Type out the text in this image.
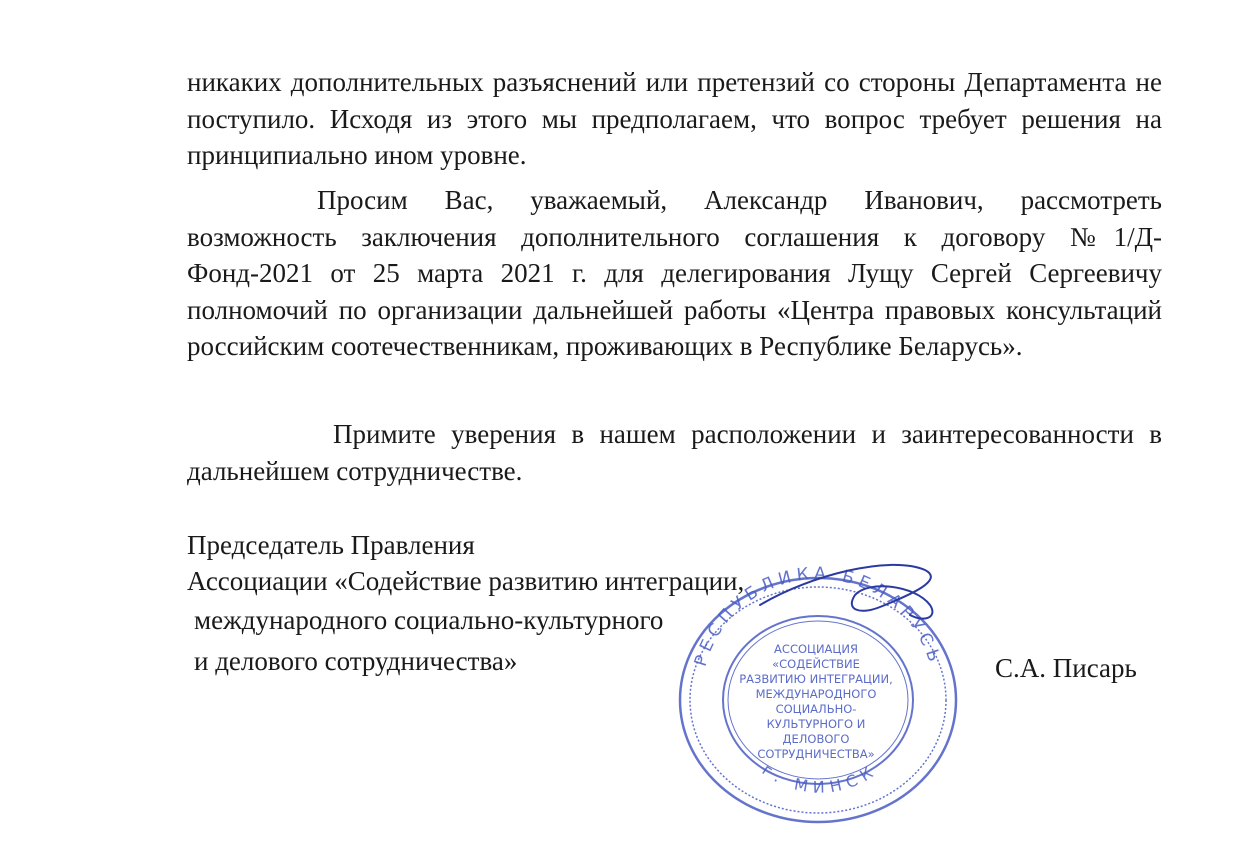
никаких дополнительных разъяснений или претензий со стороны Департамента не поступило. Исходя из этого мы предполагаем, что вопрос требует решения на принципиально ином уровне.

Просим Вас, уважаемый, Александр Иванович, рассмотреть возможность заключения дополнительного соглашения к договору №1/Д-Фонд-2021 от 25 марта 2021 г. для делегирования Лущу Сергей Сергеевичу полномочий по организации дальнейшей работы «Центра правовых консультаций российским соотечественникам, проживающих в Республике Беларусь».

Примите уверения в нашем расположении и заинтересованности в дальнейшем сотрудничестве.

Председатель Правления

Ассоциации «Содействие развитию интеграции,

международного социально-культурного

и делового сотрудничества»	С.А. Писарь

РЕСПУБЛИКА БЕЛАРУСЬ
г. МИНСК
АССОЦИАЦИЯ
«СОДЕЙСТВИЕ
РАЗВИТИЮ ИНТЕГРАЦИИ,
МЕЖДУНАРОДНОГО
СОЦИАЛЬНО-
КУЛЬТУРНОГО И
ДЕЛОВОГО
СОТРУДНИЧЕСТВА»
